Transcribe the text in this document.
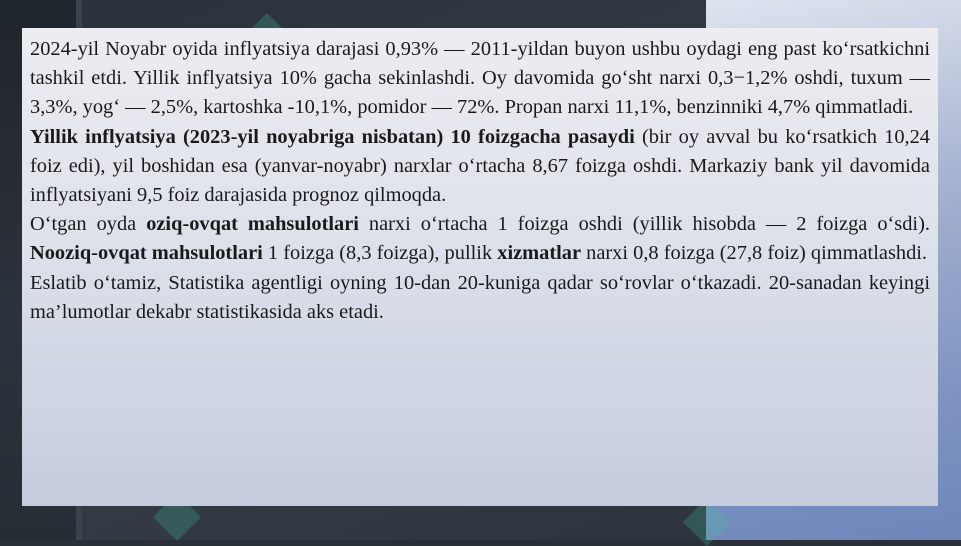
2024-yil Noyabr oyida inflyatsiya darajasi 0,93% — 2011-yildan buyon ushbu oydagi eng past ko‘rsatkichni tashkil etdi. Yillik inflyatsiya 10% gacha sekinlashdi. Oy davomida go‘sht narxi 0,3−1,2% oshdi, tuxum — 3,3%, yog‘ — 2,5%, kartoshka -10,1%, pomidor — 72%. Propan narxi 11,1%, benzinniki 4,7% qimmatladi.

Yillik inflyatsiya (2023-yil noyabriga nisbatan) 10 foizgacha pasaydi (bir oy avval bu ko‘rsatkich 10,24 foiz edi), yil boshidan esa (yanvar-noyabr) narxlar o‘rtacha 8,67 foizga oshdi. Markaziy bank yil davomida inflyatsiyani 9,5 foiz darajasida prognoz qilmoqda.

O‘tgan oyda oziq-ovqat mahsulotlari narxi o‘rtacha 1 foizga oshdi (yillik hisobda — 2 foizga o‘sdi). Nooziq-ovqat mahsulotlari 1 foizga (8,3 foizga), pullik xizmatlar narxi 0,8 foizga (27,8 foiz) qimmatlashdi.

Eslatib o‘tamiz, Statistika agentligi oyning 10-dan 20-kuniga qadar so‘rovlar o‘tkazadi. 20-sanadan keyingi ma’lumotlar dekabr statistikasida aks etadi.
